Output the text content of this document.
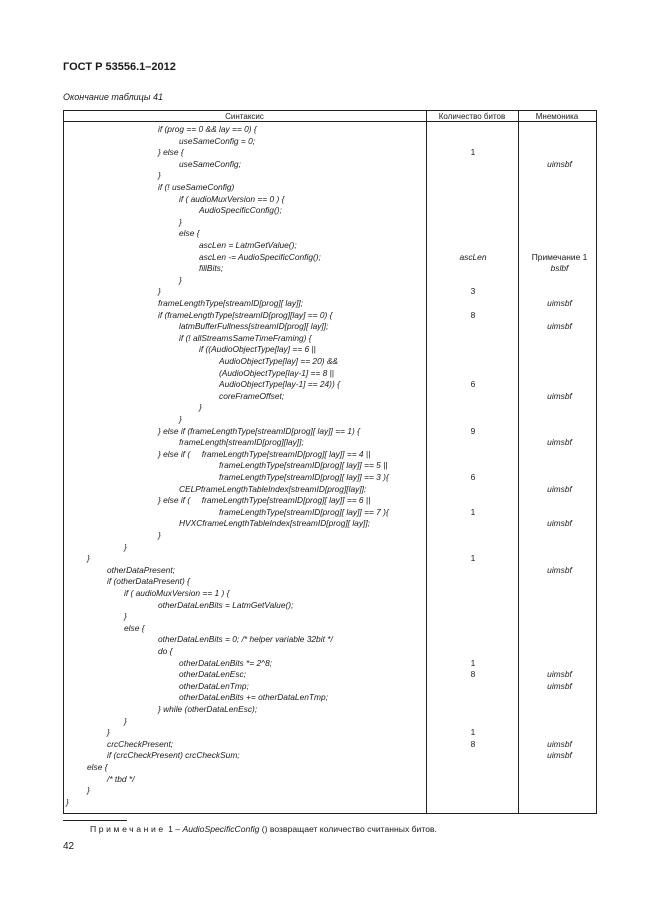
ГОСТ Р 53556.1–2012
Окончание таблицы 41
Синтаксис	Количество битов	Мнемоника
if (prog == 0 && lay == 0) {
useSameConfig = 0;
} else {	1
useSameConfig;	uimsbf
}
if (! useSameConfig)
if ( audioMuxVersion == 0 ) {
AudioSpecificConfig();
}
else {
ascLen = LatmGetValue();
ascLen -= AudioSpecificConfig();	ascLen	Примечание 1
fillBits;	bslbf
}
}	3
frameLengthType[streamID[prog][ lay]];	uimsbf
if (frameLengthType[streamID[prog][lay] == 0) {	8
latmBufferFullness[streamID[prog][ lay]];	uimsbf
if (! allStreamsSameTimeFraming) {
if ((AudioObjectType[lay] == 6 ||
AudioObjectType[lay] == 20) &&
(AudioObjectType[lay-1] == 8 ||
AudioObjectType[lay-1] == 24)) {	6
coreFrameOffset;	uimsbf
}
}
} else if (frameLengthType[streamID[prog][ lay]] == 1) {	9
frameLength[streamID[prog][lay]];	uimsbf
} else if (     frameLengthType[streamID[prog][ lay]] == 4 ||
frameLengthType[streamID[prog][ lay]] == 5 ||
frameLengthType[streamID[prog][ lay]] == 3 ){	6
CELPframeLengthTableIndex[streamID[prog][lay]];	uimsbf
} else if (     frameLengthType[streamID[prog][ lay]] == 6 ||
frameLengthType[streamID[prog][ lay]] == 7 ){	1
HVXCframeLengthTableIndex[streamID[prog][ lay]];	uimsbf
}
}
}	1
otherDataPresent;	uimsbf
if (otherDataPresent) {
if ( audioMuxVersion == 1 ) {
otherDataLenBits = LatmGetValue();
}
else {
otherDataLenBits = 0; /* helper variable 32bit */
do {
otherDataLenBits *= 2^8;	1
otherDataLenEsc;	8	uimsbf
otherDataLenTmp;	uimsbf
otherDataLenBits += otherDataLenTmp;
} while (otherDataLenEsc);
}
}	1
crcCheckPresent;	8	uimsbf
if (crcCheckPresent) crcCheckSum;	uimsbf
else {
/* tbd */
}
}
Примечание 1 – AudioSpecificConfig () возвращает количество считанных битов.
42
